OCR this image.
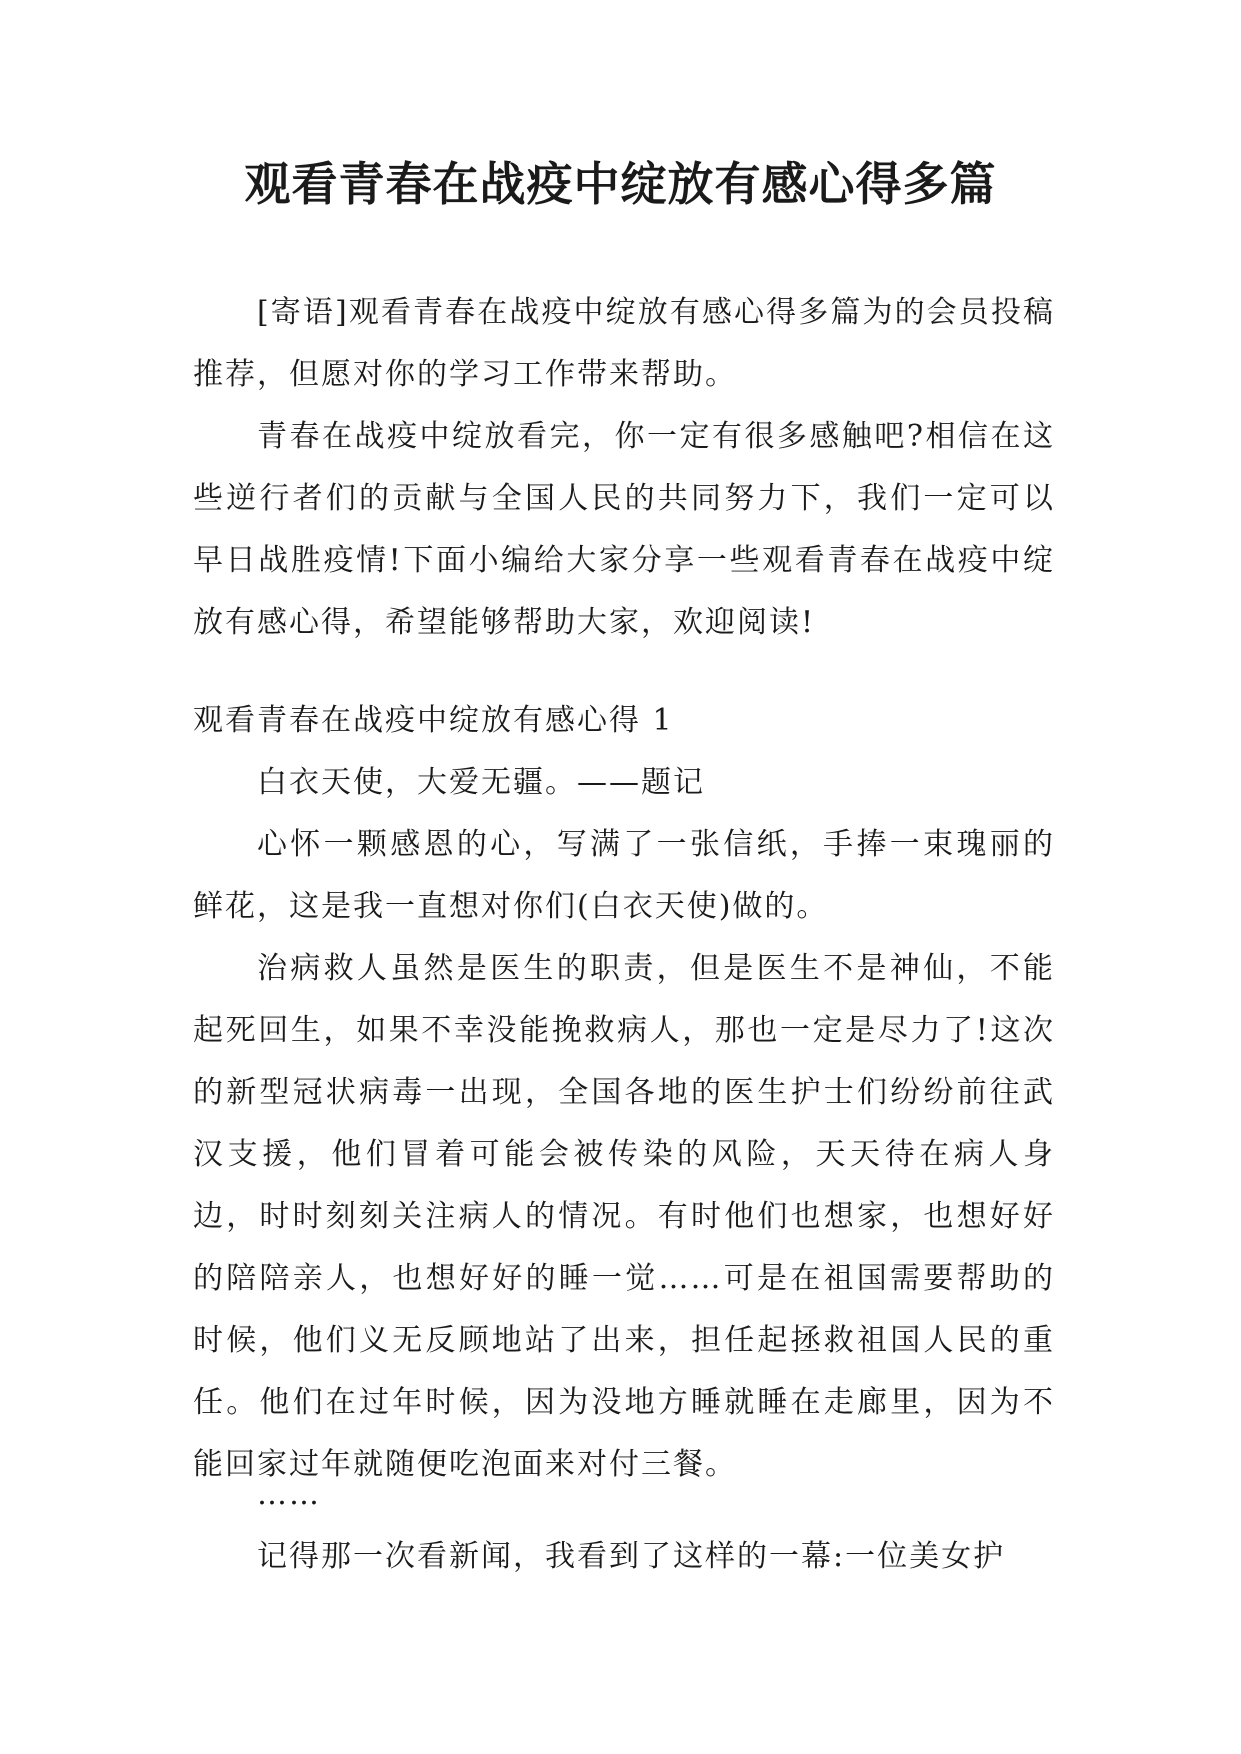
观看青春在战疫中绽放有感心得多篇

[寄语]观看青春在战疫中绽放有感心得多篇为的会员投稿推荐，但愿对你的学习工作带来帮助。

青春在战疫中绽放看完，你一定有很多感触吧?相信在这些逆行者们的贡献与全国人民的共同努力下，我们一定可以早日战胜疫情!下面小编给大家分享一些观看青春在战疫中绽放有感心得，希望能够帮助大家，欢迎阅读!

观看青春在战疫中绽放有感心得 1

白衣天使，大爱无疆。——题记

心怀一颗感恩的心，写满了一张信纸，手捧一束瑰丽的鲜花，这是我一直想对你们(白衣天使)做的。

治病救人虽然是医生的职责，但是医生不是神仙，不能起死回生，如果不幸没能挽救病人，那也一定是尽力了!这次的新型冠状病毒一出现，全国各地的医生护士们纷纷前往武汉支援，他们冒着可能会被传染的风险，天天待在病人身边，时时刻刻关注病人的情况。有时他们也想家，也想好好的陪陪亲人，也想好好的睡一觉……可是在祖国需要帮助的时候，他们义无反顾地站了出来，担任起拯救祖国人民的重任。他们在过年时候，因为没地方睡就睡在走廊里，因为不能回家过年就随便吃泡面来对付三餐。

……

记得那一次看新闻，我看到了这样的一幕:一位美女护
